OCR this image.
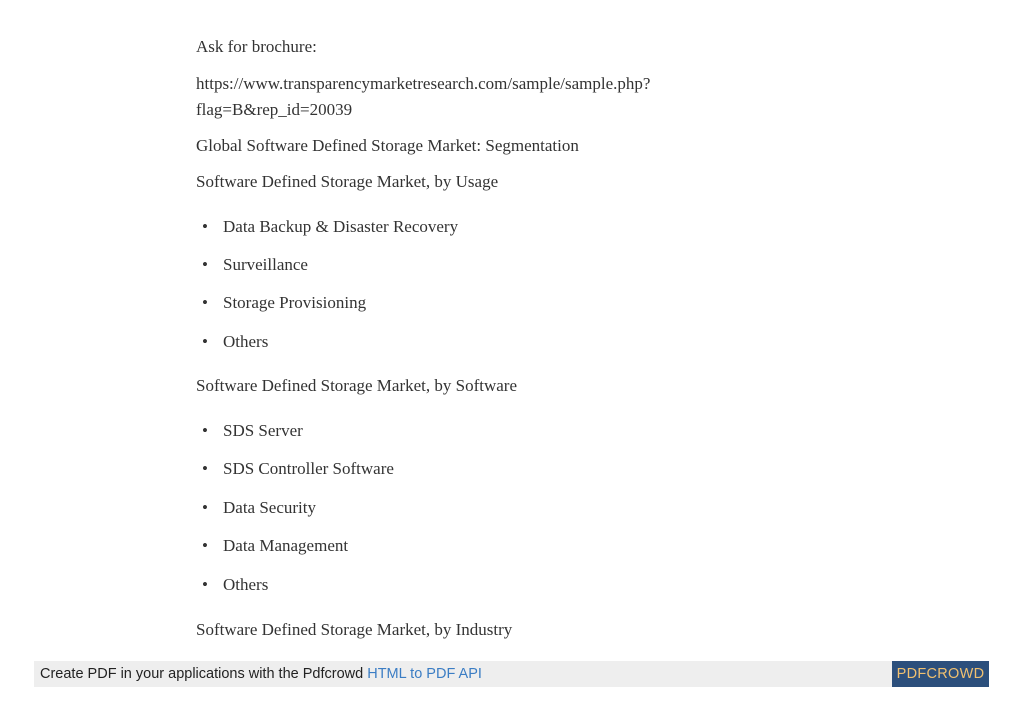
Ask for brochure:
https://www.transparencymarketresearch.com/sample/sample.php?
flag=B&rep_id=20039
Global Software Defined Storage Market: Segmentation
Software Defined Storage Market, by Usage
• Data Backup & Disaster Recovery
• Surveillance
• Storage Provisioning
• Others
Software Defined Storage Market, by Software
• SDS Server
• SDS Controller Software
• Data Security
• Data Management
• Others
Software Defined Storage Market, by Industry
Create PDF in your applications with the Pdfcrowd HTML to PDF API	PDFCROWD
